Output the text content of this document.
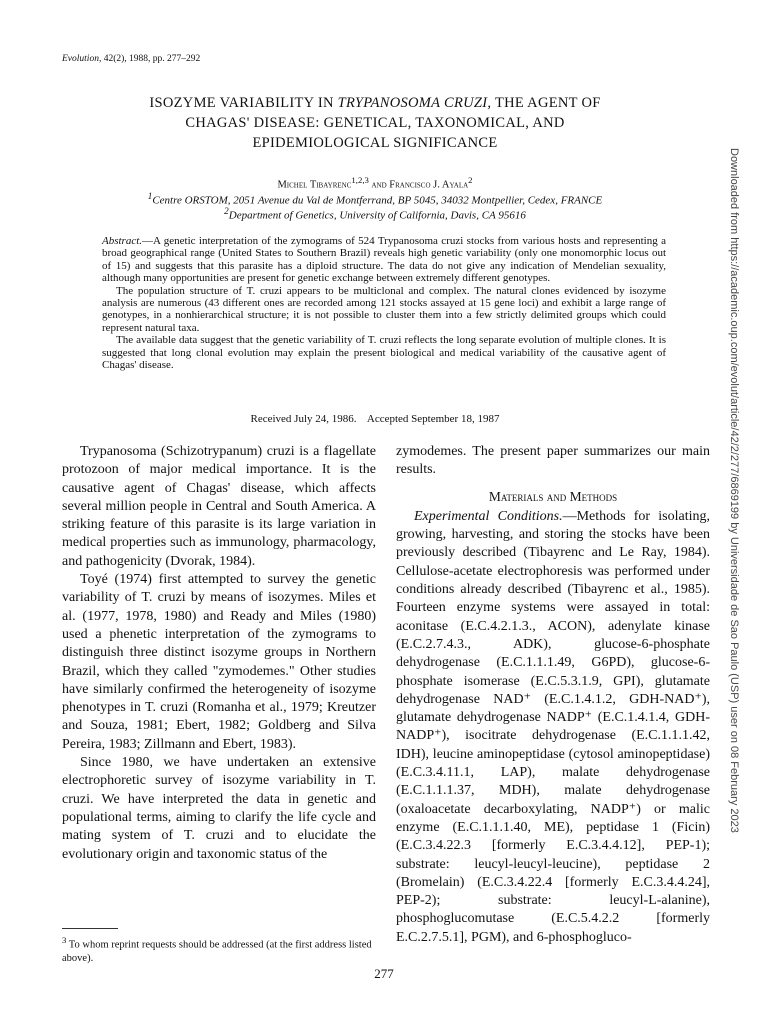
Evolution, 42(2), 1988, pp. 277–292
ISOZYME VARIABILITY IN TRYPANOSOMA CRUZI, THE AGENT OF
CHAGAS' DISEASE: GENETICAL, TAXONOMICAL, AND
EPIDEMIOLOGICAL SIGNIFICANCE
Michel Tibayrenc$^{1,2,3}$ and Francisco J. Ayala$^2$
$^1$Centre ORSTOM, 2051 Avenue du Val de Montferrand, BP 5045, 34032 Montpellier, Cedex, FRANCE
$^2$Department of Genetics, University of California, Davis, CA 95616

Abstract.—A genetic interpretation of the zymograms of 524 Trypanosoma cruzi stocks from various hosts and representing a broad geographical range (United States to Southern Brazil) reveals high genetic variability (only one monomorphic locus out of 15) and suggests that this parasite has a diploid structure. The data do not give any indication of Mendelian sexuality, although many opportunities are present for genetic exchange between extremely different genotypes.

The population structure of T. cruzi appears to be multiclonal and complex. The natural clones evidenced by isozyme analysis are numerous (43 different ones are recorded among 121 stocks assayed at 15 gene loci) and exhibit a large range of genotypes, in a nonhierarchical structure; it is not possible to cluster them into a few strictly delimited groups which could represent natural taxa.

The available data suggest that the genetic variability of T. cruzi reflects the long separate evolution of multiple clones. It is suggested that long clonal evolution may explain the present biological and medical variability of the causative agent of Chagas' disease.

Received July 24, 1986.    Accepted September 18, 1987

Trypanosoma (Schizotrypanum) cruzi is a flagellate protozoon of major medical importance. It is the causative agent of Chagas' disease, which affects several million people in Central and South America. A striking feature of this parasite is its large variation in medical properties such as immunology, pharmacology, and pathogenicity (Dvorak, 1984).

Toyé (1974) first attempted to survey the genetic variability of T. cruzi by means of isozymes. Miles et al. (1977, 1978, 1980) and Ready and Miles (1980) used a phenetic interpretation of the zymograms to distinguish three distinct isozyme groups in Northern Brazil, which they called "zymodemes." Other studies have similarly confirmed the heterogeneity of isozyme phenotypes in T. cruzi (Romanha et al., 1979; Kreutzer and Souza, 1981; Ebert, 1982; Goldberg and Silva Pereira, 1983; Zillmann and Ebert, 1983).

Since 1980, we have undertaken an extensive electrophoretic survey of isozyme variability in T. cruzi. We have interpreted the data in genetic and populational terms, aiming to clarify the life cycle and mating system of T. cruzi and to elucidate the evolutionary origin and taxonomic status of the

zymodemes. The present paper summarizes our main results.

Materials and Methods

Experimental Conditions.—Methods for isolating, growing, harvesting, and storing the stocks have been previously described (Tibayrenc and Le Ray, 1984). Cellulose-acetate electrophoresis was performed under conditions already described (Tibayrenc et al., 1985). Fourteen enzyme systems were assayed in total: aconitase (E.C.4.2.1.3., ACON), adenylate kinase (E.C.2.7.4.3., ADK), glucose-6-phosphate dehydrogenase (E.C.1.1.1.49, G6PD), glucose-6-phosphate isomerase (E.C.5.3.1.9, GPI), glutamate dehydrogenase NAD⁺ (E.C.1.4.1.2, GDH-NAD⁺), glutamate dehydrogenase NADP⁺ (E.C.1.4.1.4, GDH-NADP⁺), isocitrate dehydrogenase (E.C.1.1.1.42, IDH), leucine aminopeptidase (cytosol aminopeptidase) (E.C.3.4.11.1, LAP), malate dehydrogenase (E.C.1.1.1.37, MDH), malate dehydrogenase (oxaloacetate decarboxylating, NADP⁺) or malic enzyme (E.C.1.1.1.40, ME), peptidase 1 (Ficin) (E.C.3.4.22.3 [formerly E.C.3.4.4.12], PEP-1); substrate: leucyl-leucyl-leucine), peptidase 2 (Bromelain) (E.C.3.4.22.4 [formerly E.C.3.4.4.24], PEP-2); substrate: leucyl-L-alanine), phosphoglucomutase (E.C.5.4.2.2 [formerly E.C.2.7.5.1], PGM), and 6-phosphogluco-

$^3$ To whom reprint requests should be addressed (at the first address listed above).
277
Downloaded from https://academic.oup.com/evolut/article/42/2/277/6869199 by Universidade de Sao Paulo (USP) user on 08 February 2023
